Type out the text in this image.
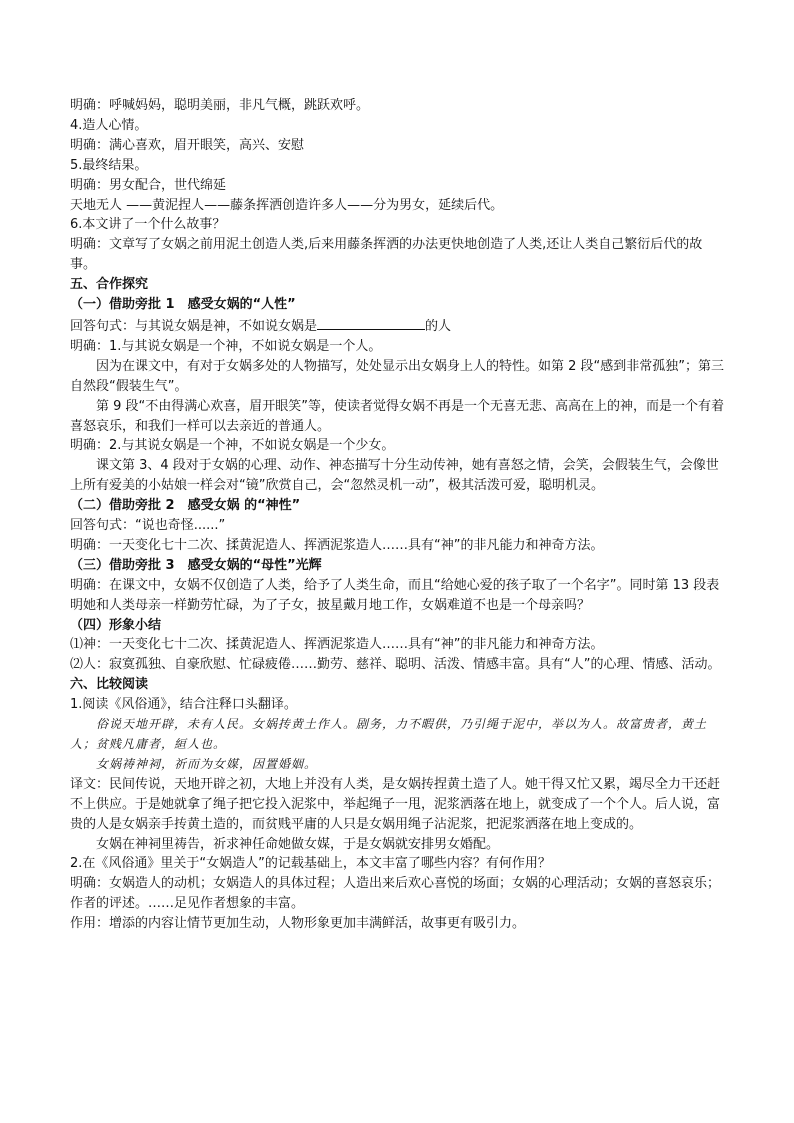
明确：呼喊妈妈，聪明美丽，非凡气概，跳跃欢呼。

4.造人心情。

明确：满心喜欢，眉开眼笑，高兴、安慰

5.最终结果。

明确：男女配合，世代绵延

天地无人 ——黄泥捏人——藤条挥洒创造许多人——分为男女，延续后代。

6.本文讲了一个什么故事？

明确：文章写了女娲之前用泥土创造人类,后来用藤条挥洒的办法更快地创造了人类,还让人类自己繁衍后代的故事。

五、合作探究

（一）借助旁批 1　感受女娲的“人性”

回答句式：与其说女娲是神，不如说女娲是	的人

明确：1.与其说女娲是一个神，不如说女娲是一个人。

因为在课文中，有对于女娲多处的人物描写，处处显示出女娲身上人的特性。如第 2 段“感到非常孤独”；第三自然段“假装生气”。

第 9 段“不由得满心欢喜，眉开眼笑”等，使读者觉得女娲不再是一个无喜无悲、高高在上的神，而是一个有着喜怒哀乐，和我们一样可以去亲近的普通人。

明确：2.与其说女娲是一个神，不如说女娲是一个少女。

课文第 3、4 段对于女娲的心理、动作、神态描写十分生动传神，她有喜怒之情，会笑，会假装生气，会像世上所有爱美的小姑娘一样会对“镜”欣赏自己，会“忽然灵机一动”，极其活泼可爱，聪明机灵。

（二）借助旁批 2　感受女娲 的“神性”

回答句式：“说也奇怪......”

明确：一天变化七十二次、揉黄泥造人、挥洒泥浆造人……具有“神”的非凡能力和神奇方法。

（三）借助旁批 3　感受女娲的“母性”光辉

明确：在课文中，女娲不仅创造了人类，给予了人类生命，而且“给她心爱的孩子取了一个名字”。同时第 13 段表明她和人类母亲一样勤劳忙碌，为了子女，披星戴月地工作，女娲难道不也是一个母亲吗？

（四）形象小结

⑴神：一天变化七十二次、揉黄泥造人、挥洒泥浆造人……具有“神”的非凡能力和神奇方法。

⑵人：寂寞孤独、自豪欣慰、忙碌疲倦……勤劳、慈祥、聪明、活泼、情感丰富。具有“人”的心理、情感、活动。

六、比较阅读

1.阅读《风俗通》，结合注释口头翻译。

俗说天地开辟，未有人民。女娲抟黄土作人。剧务，力不暇供，乃引绳于泥中，举以为人。故富贵者，黄土人；贫贱凡庸者，絙人也。

女娲祷神祠，祈而为女媒，因置婚姻。

译文：民间传说，天地开辟之初，大地上并没有人类，是女娲抟捏黄土造了人。她干得又忙又累，竭尽全力干还赶不上供应。于是她就拿了绳子把它投入泥浆中，举起绳子一甩，泥浆洒落在地上，就变成了一个个人。后人说，富贵的人是女娲亲手抟黄土造的，而贫贱平庸的人只是女娲用绳子沾泥浆，把泥浆洒落在地上变成的。

女娲在神祠里祷告，祈求神任命她做女媒，于是女娲就安排男女婚配。

2.在《风俗通》里关于“女娲造人”的记载基础上，本文丰富了哪些内容？有何作用？

明确：女娲造人的动机；女娲造人的具体过程；人造出来后欢心喜悦的场面；女娲的心理活动；女娲的喜怒哀乐；作者的评述。……足见作者想象的丰富。

作用：增添的内容让情节更加生动，人物形象更加丰满鲜活，故事更有吸引力。
